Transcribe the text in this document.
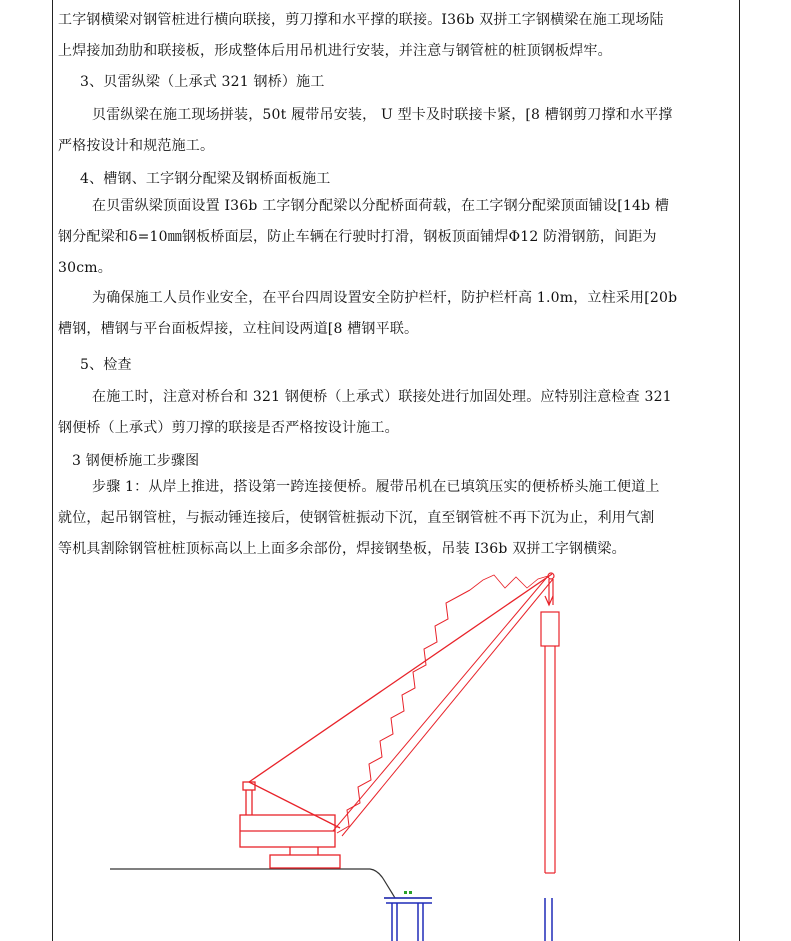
工字钢横梁对钢管桩进行横向联接，剪刀撑和水平撑的联接。I36b 双拼工字钢横梁在施工现场陆
上焊接加劲肋和联接板，形成整体后用吊机进行安装，并注意与钢管桩的桩顶钢板焊牢。
3、贝雷纵梁（上承式 321 钢桥）施工
贝雷纵梁在施工现场拼装，50t 履带吊安装， U 型卡及时联接卡紧，[8 槽钢剪刀撑和水平撑
严格按设计和规范施工。
4、槽钢、工字钢分配梁及钢桥面板施工
在贝雷纵梁顶面设置 I36b 工字钢分配梁以分配桥面荷载，在工字钢分配梁顶面铺设[14b 槽
钢分配梁和δ=10㎜钢板桥面层，防止车辆在行驶时打滑，钢板顶面铺焊Φ12 防滑钢筋，间距为
30cm。
为确保施工人员作业安全，在平台四周设置安全防护栏杆，防护栏杆高 1.0m，立柱采用[20b
槽钢，槽钢与平台面板焊接，立柱间设两道[8 槽钢平联。
5、检查
在施工时，注意对桥台和 321 钢便桥（上承式）联接处进行加固处理。应特别注意检查 321
钢便桥（上承式）剪刀撑的联接是否严格按设计施工。
3 钢便桥施工步骤图
步骤 1：从岸上推进，搭设第一跨连接便桥。履带吊机在已填筑压实的便桥桥头施工便道上
就位，起吊钢管桩，与振动锤连接后，使钢管桩振动下沉，直至钢管桩不再下沉为止，利用气割
等机具割除钢管桩桩顶标高以上上面多余部份，焊接钢垫板，吊装 I36b 双拼工字钢横梁。
